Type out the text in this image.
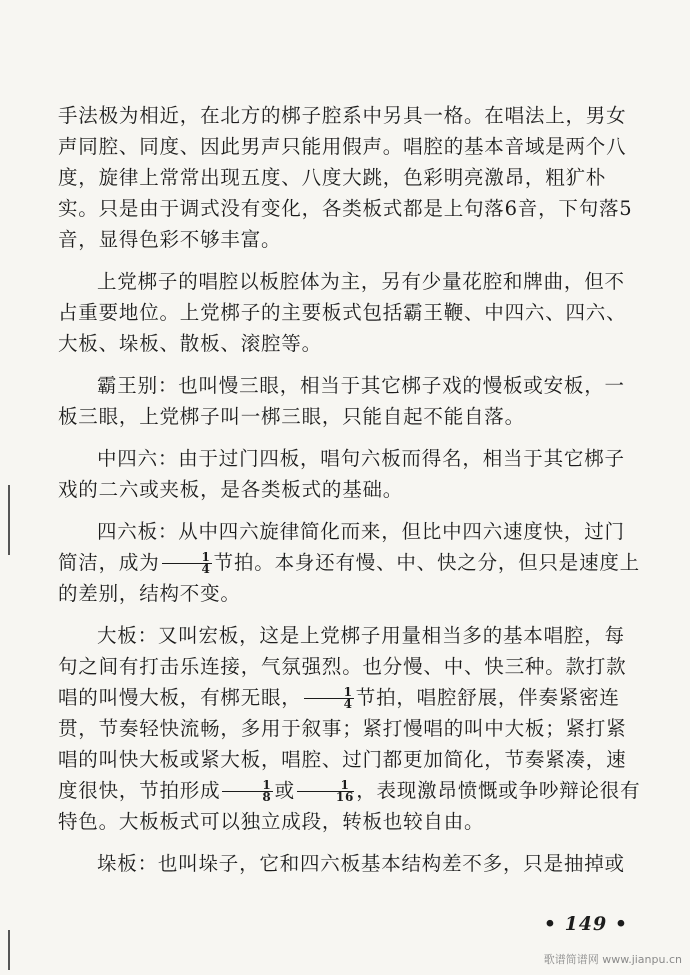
手法极为相近，在北方的梆子腔系中另具一格。在唱法上，男女声同腔、同度、因此男声只能用假声。唱腔的基本音域是两个八度，旋律上常常出现五度、八度大跳，色彩明亮激昂，粗犷朴实。只是由于调式没有变化，各类板式都是上句落6音，下句落5音，显得色彩不够丰富。

上党梆子的唱腔以板腔体为主，另有少量花腔和牌曲，但不占重要地位。上党梆子的主要板式包括霸王鞭、中四六、四六、大板、垛板、散板、滚腔等。

霸王别：也叫慢三眼，相当于其它梆子戏的慢板或安板，一板三眼，上党梆子叫一梆三眼，只能自起不能自落。

中四六：由于过门四板，唱句六板而得名，相当于其它梆子戏的二六或夹板，是各类板式的基础。

四六板：从中四六旋律简化而来，但比中四六速度快，过门简洁，成为 $\frac{1}{4}$ 节拍。本身还有慢、中、快之分，但只是速度上的差别，结构不变。

大板：又叫宏板，这是上党梆子用量相当多的基本唱腔，每句之间有打击乐连接，气氛强烈。也分慢、中、快三种。款打款唱的叫慢大板，有梆无眼， $\frac{1}{4}$ 节拍，唱腔舒展，伴奏紧密连贯，节奏轻快流畅，多用于叙事；紧打慢唱的叫中大板；紧打紧唱的叫快大板或紧大板，唱腔、过门都更加简化，节奏紧凑，速度很快，节拍形成 $\frac{1}{8}$ 或 $\frac{1}{16}$ ，表现激昂愤慨或争吵辩论很有特色。大板板式可以独立成段，转板也较自由。

垛板：也叫垛子，它和四六板基本结构差不多，只是抽掉或

• 149 •
歌谱简谱网 www.jianpu.cn
